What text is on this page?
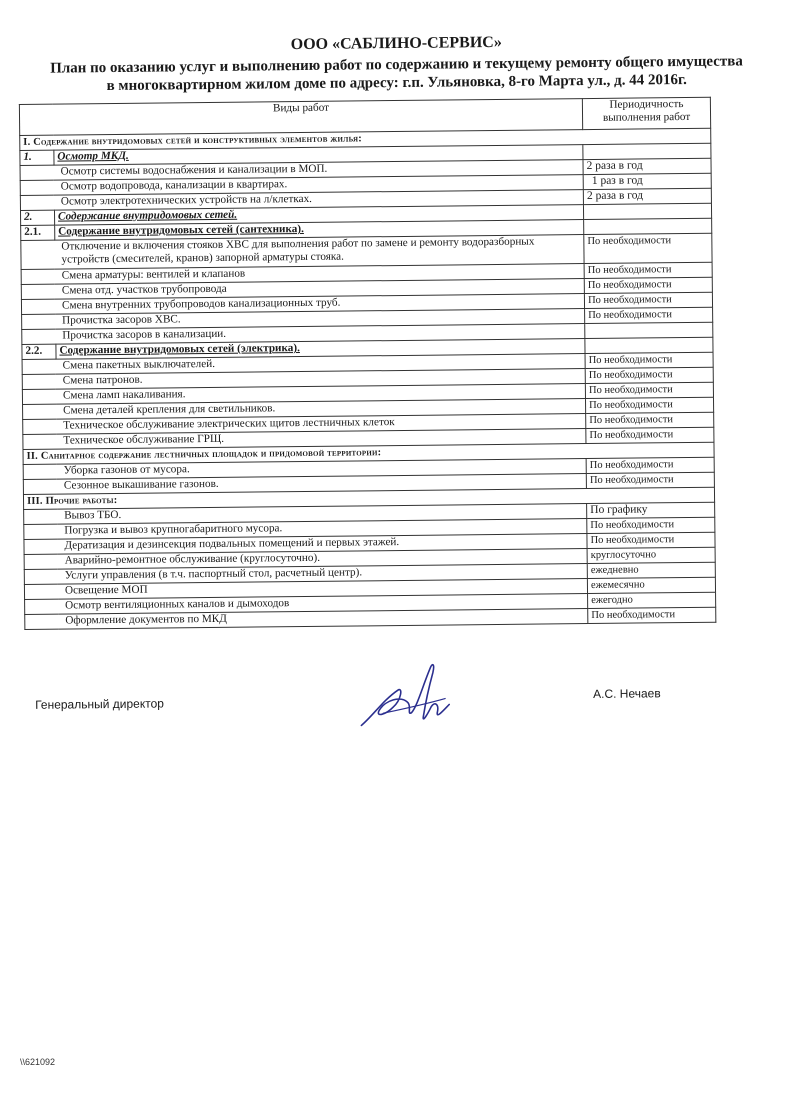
ООО «САБЛИНО-СЕРВИС»
План по оказанию услуг и выполнению работ по содержанию и текущему ремонту общего имущества в многоквартирном жилом доме по адресу: г.п. Ульяновка, 8-го Марта ул., д. 44 2016г.
Виды работ		Периодичность выполнения работ
I. Содержание внутридомовых сетей и конструктивных элементов жилья:		
1.	Осмотр МКД.	
Осмотр системы водоснабжения и канализации в МОП.		2 раза в год
Осмотр водопровода, канализации в квартирах.		1 раз в год
Осмотр электротехнических устройств на л/клетках.		2 раза в год
2.	Содержание внутридомовых сетей.	
2.1.	Содержание внутридомовых сетей (сантехника).	
Отключение и включения стояков ХВС для выполнения работ по замене и ремонту водоразборных устройств (смесителей, кранов) запорной арматуры стояка.		По необходимости
Смена арматуры: вентилей и клапанов		По необходимости
Смена отд. участков трубопровода		По необходимости
Смена внутренних трубопроводов канализационных труб.		По необходимости
Прочистка засоров ХВС.		По необходимости
Прочистка засоров в канализации.		
2.2.	Содержание внутридомовых сетей (электрика).	
Смена пакетных выключателей.		По необходимости
Смена патронов.		По необходимости
Смена ламп накаливания.		По необходимости
Смена деталей крепления для светильников.		По необходимости
Техническое обслуживание электрических щитов лестничных клеток		По необходимости
Техническое обслуживание ГРЩ.		По необходимости
II. Санитарное содержание лестничных площадок и придомовой территории:		
Уборка газонов от мусора.		По необходимости
Сезонное выкашивание газонов.		По необходимости
III. Прочие работы:		
Вывоз ТБО.		По графику
Погрузка и вывоз крупногабаритного мусора.		По необходимости
Дератизация и дезинсекция подвальных помещений и первых этажей.		По необходимости
Аварийно-ремонтное обслуживание (круглосуточно).		круглосуточно
Услуги управления (в т.ч. паспортный стол, расчетный центр).		ежедневно
Освещение МОП		ежемесячно
Осмотр вентиляционных каналов и дымоходов		ежегодно
Оформление документов по МКД		По необходимости
Генеральный директор
А.С. Нечаев
\\621092
